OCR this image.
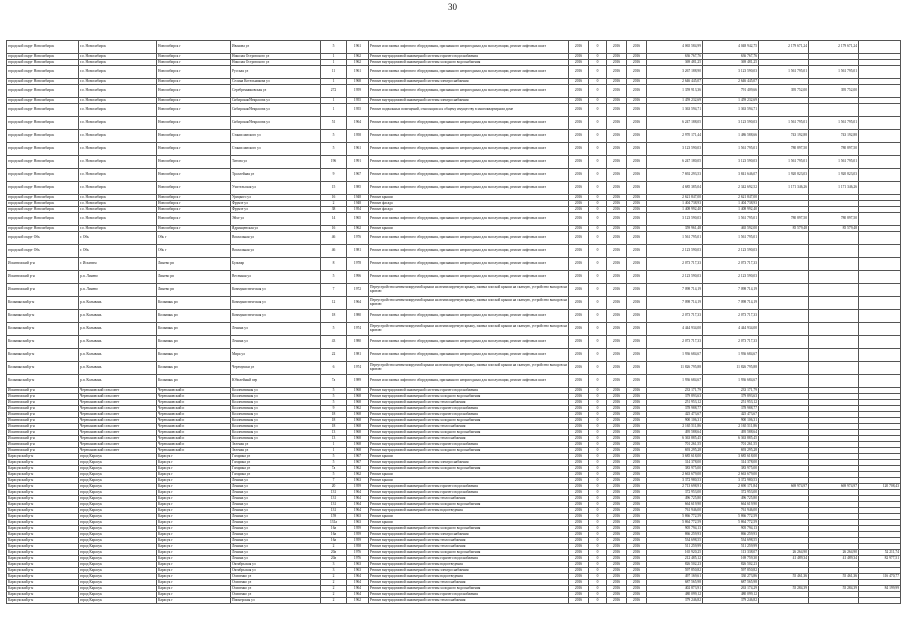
30
городской округ Новосибирск	г.о. Новосибирск	Новосибирск г	Иванова ул	5	1961	Ремонт или замена лифтового оборудования, признанного непригодным для эксплуатации, ремонт лифтовых шахт	2016	0	2016	2016	4 065 584,99	4 048 942,75	2 179 671,24	2 179 671,24	
городской округ Новосибирск	г.о. Новосибирск	Новосибирск г	Николая Островского ул	1	1962	Ремонт внутридомовой инженерной системы горячего водоснабжения	2016	0	2016	2016	636 767,76	636 767,76			
городской округ Новосибирск	г.о. Новосибирск	Новосибирск г	Николая Островского ул	1	1962	Ремонт внутридомовой инженерной системы холодного водоснабжения	2016	0	2016	2016	369 481,25	369 481,25			
городской округ Новосибирск	г.о. Новосибирск	Новосибирск г	Русская ул	11	1961	Ремонт или замена лифтового оборудования, признанного непригодным для эксплуатации, ремонт лифтовых шахт	2016	0	2016	2016	3 267 188,90	3 123 590,03	1 561 795,01	1 561 795,01	
городской округ Новосибирск	г.о. Новосибирск	Новосибирск г	Селина Котельникова ул	1	1968	Ремонт внутридомовой инженерной системы электроснабжения	2016	0	2016	2016	2 646 445,07	2 646 445,07			
городской округ Новосибирск	г.о. Новосибирск	Новосибирск г	Серебренниковская ул	272	1959	Ремонт или замена лифтового оборудования, признанного непригодным для эксплуатации, ремонт лифтовых шахт	2016	0	2016	2016	1 359 913,36	791 409,66	395 752,00	395 752,00	
городской округ Новосибирск	г.о. Новосибирск	Новосибирск г	Сибирская/Некрасова ул	1	1955	Ремонт внутридомовой инженерной системы электроснабжения	2016	0	2016	2016	1 459 232,69	1 459 232,69			
городской округ Новосибирск	г.о. Новосибирск	Новосибирск г	Сибирская/Некрасова ул	1	1955	Ремонт подвальных помещений, относящихся к общему имуществу в многоквартирном доме	2016	0	2016	2016	1 363 594,71	1 363 594,71			
городской округ Новосибирск	г.о. Новосибирск	Новосибирск г	Сибирская/Некрасова ул	51	1964	Ремонт или замена лифтового оборудования, признанного непригодным для эксплуатации, ремонт лифтовых шахт	2016	0	2016	2016	6 247 188,05	3 123 590,03	1 561 795,01	1 561 795,01	
городской округ Новосибирск	г.о. Новосибирск	Новосибирск г	Станиславского ул	5	1958	Ремонт или замена лифтового оборудования, признанного непригодным для эксплуатации, ремонт лифтовых шахт	2016	0	2016	2016	2 970 171,44	1 486 588,66	743 192,88	743 192,88	
городской округ Новосибирск	г.о. Новосибирск	Новосибирск г	Станиславского ул	5	1961	Ремонт или замена лифтового оборудования, признанного непригодным для эксплуатации, ремонт лифтовых шахт	2016	0	2016	2016	3 123 590,03	1 561 795,01	780 897,50	780 897,50	
городской округ Новосибирск	г.о. Новосибирск	Новосибирск г	Титова ул	196	1991	Ремонт или замена лифтового оборудования, признанного непригодным для эксплуатации, ремонт лифтовых шахт	2016	0	2016	2016	6 247 180,05	3 123 590,03	1 561 795,01	1 561 795,01	
городской округ Новосибирск	г.о. Новосибирск	Новосибирск г	Троллейная ул	9	1967	Ремонт или замена лифтового оборудования, признанного непригодным для эксплуатации, ремонт лифтовых шахт	2016	0	2016	2016	7 692 293,53	3 841 646,07	1 920 823,03	1 920 823,03	
городской округ Новосибирск	г.о. Новосибирск	Новосибирск г	Учительская ул	15	1985	Ремонт или замена лифтового оборудования, признанного непригодным для эксплуатации, ремонт лифтовых шахт	2016	0	2016	2016	4 685 385,04	2 342 692,52	1 171 346,26	1 171 346,26	
городской округ Новосибирск	г.о. Новосибирск	Новосибирск г	Урицкого ул	16	1948	Ремонт крыши	2016	0	2016	2016	2 621 847,00	2 621 847,00			
городской округ Новосибирск	г.о. Новосибирск	Новосибирск г	Фрунзе ул	2	1948	Ремонт фасада	2016	0	2016	2016	1 404 738,93	1 404 738,93			
городской округ Новосибирск	г.о. Новосибирск	Новосибирск г	Фрунзе ул	38	1954	Ремонт фасада	2016	0	2016	2016	1 408 992,40	1 408 992,40			
городской округ Новосибирск	г.о. Новосибирск	Новосибирск г	Эйхе ул	14	1965	Ремонт или замена лифтового оборудования, признанного непригодным для эксплуатации, ремонт лифтовых шахт	2016	0	2016	2016	3 123 590,03	1 561 795,01	780 897,50	780 897,50	
городской округ Новосибирск	г.о. Новосибирск	Новосибирск г	Ядринцевская ул	16	1962	Ремонт крыши	2016	0	2016	2016	359 961,48	465 592,00	85 579,48	85 579,48	
городской округ Обь	г. Обь	Обь г	Вокзальная ул	46	1976	Ремонт или замена лифтового оборудования, признанного непригодным для эксплуатации, ремонт лифтовых шахт	2016	0	2016	2016	1 561 795,01	1 561 795,01			
городской округ Обь	г. Обь	Обь г	Вокзальная ул	46	1981	Ремонт или замена лифтового оборудования, признанного непригодным для эксплуатации, ремонт лифтовых шахт	2016	0	2016	2016	2 123 590,03	2 123 590,03			
Искитимский р-н	г. Искитим	Линево рп	Бульвар	8	1978	Ремонт или замена лифтового оборудования, признанного непригодным для эксплуатации, ремонт лифтовых шахт	2016	0	2016	2016	2 073 717,33	2 073 717,33			
Искитимский р-н	р.п. Линево	Линево рп	Весенняя ул	5	1996	Ремонт или замена лифтового оборудования, признанного непригодным для эксплуатации, ремонт лифтовых шахт	2016	0	2016	2016	2 123 590,03	2 123 590,03			
Искитимский р-н	р.п. Линево	Линево рп	Коммунистическая ул	7	1972	Переустройство невентилируемой крыши на вентилируемую крышу, замена плоской крыши на скатную, устройство выходов на кровлю	2016	0	2016	2016	7 098 714,19	7 098 714,19			
Колыванский р-н	р.п. Колывань	Колывань рп	Коммунистическая ул	12	1964	Переустройство невентилируемой крыши на вентилируемую крышу, замена плоской крыши на скатную, устройство выходов на кровлю	2016	0	2016	2016	7 098 714,19	7 098 714,19			
Колыванский р-н	р.п. Колывань	Колывань рп	Коммунистическая ул	18	1980	Ремонт или замена лифтового оборудования, признанного непригодным для эксплуатации, ремонт лифтовых шахт	2016	0	2016	2016	2 073 717,33	2 073 717,33			
Колыванский р-н	р.п. Колывань	Колывань рп	Ленина ул	5	1974	Переустройство невентилируемой крыши на вентилируемую крышу, замена плоской крыши на скатную, устройство выходов на кровлю	2016	0	2016	2016	4 444 934,00	4 444 934,00			
Колыванский р-н	р.п. Колывань	Колывань рп	Ленина ул	43	1980	Ремонт или замена лифтового оборудования, признанного непригодным для эксплуатации, ремонт лифтовых шахт	2016	0	2016	2016	2 073 717,33	2 073 717,33			
Колыванский р-н	р.п. Колывань	Колывань рп	Мира ул	22	1981	Ремонт или замена лифтового оборудования, признанного непригодным для эксплуатации, ремонт лифтовых шахт	2016	0	2016	2016	1 936 684,67	1 936 684,67			
Колыванский р-н	р.п. Колывань	Колывань рп	Черемушки ул	6	1974	Переустройство невентилируемой крыши на вентилируемую крышу, замена плоской крыши на скатную, устройство выходов на кровлю	2016	0	2016	2016	11 826 795,88	11 826 795,88			
Колыванский р-н	р.п. Колывань	Колывань рп	Юбилейный пер	7а	1989	Ремонт или замена лифтового оборудования, признанного непригодным для эксплуатации, ремонт лифтовых шахт	2016	0	2016	2016	1 936 684,67	1 936 684,67			
Искитимский р-н	Черепановский сельсовет	Черепановский п	Коллективная ул	5	1968	Ремонт внутридомовой инженерной системы горячего водоснабжения	2016	0	2016	2016	233 171,79	233 171,79			
Искитимский р-н	Черепановский сельсовет	Черепановский п	Коллективная ул	5	1968	Ремонт внутридомовой инженерной системы холодного водоснабжения	2016	0	2016	2016	379 893,63	379 893,63			
Искитимский р-н	Черепановский сельсовет	Черепановский п	Коллективная ул	5	1968	Ремонт внутридомовой инженерной системы теплоснабжения	2016	0	2016	2016	251 953,12	251 953,12			
Искитимский р-н	Черепановский сельсовет	Черепановский п	Коллективная ул	9	1962	Ремонт внутридомовой инженерной системы горячего водоснабжения	2016	0	2016	2016	378 988,77	378 988,77			
Искитимский р-н	Черепановский сельсовет	Черепановский п	Коллективная ул	18	1968	Ремонт внутридомовой инженерной системы горячего водоснабжения	2016	0	2016	2016	425 473,67	425 473,67			
Искитимский р-н	Черепановский сельсовет	Черепановский п	Коллективная ул	18	1968	Ремонт внутридомовой инженерной системы холодного водоснабжения	2016	0	2016	2016	900 106,31	900 106,31			
Искитимский р-н	Черепановский сельсовет	Черепановский п	Коллективная ул	18	1968	Ремонт внутридомовой инженерной системы теплоснабжения	2016	0	2016	2016	2 165 511,86	2 165 511,86			
Искитимский р-н	Черепановский сельсовет	Черепановский п	Коллективная ул	13	1968	Ремонт внутридомовой инженерной системы холодного водоснабжения	2016	0	2016	2016	495 588,64	495 588,64			
Искитимский р-н	Черепановский сельсовет	Черепановский п	Коллективная ул	13	1968	Ремонт внутридомовой инженерной системы теплоснабжения	2016	0	2016	2016	6 363 885,45	6 363 885,45			
Искитимский р-н	Черепановский сельсовет	Черепановский п	Зеленая ул	1	1968	Ремонт внутридомовой инженерной системы горячего водоснабжения	2016	0	2016	2016	701 261,55	701 261,55			
Искитимский р-н	Черепановский сельсовет	Черепановский п	Зеленая ул	1	1968	Ремонт внутридомовой инженерной системы холодного водоснабжения	2016	0	2016	2016	693 295,28	693 295,28			
Карасукский р-н	город Карасук	Карасук г	Гагарина ул	5	1967	Ремонт крыши	2016	0	2016	2016	3 685 618,00	3 685 618,00			
Карасукский р-н	город Карасук	Карасук г	Гагарина ул	5	1967	Ремонт внутридомовой инженерной системы электроснабжения	2016	0	2016	2016	314 378,00	314 378,00			
Карасукский р-н	город Карасук	Карасук г	Гагарина ул	7а	1962	Ремонт внутридомовой инженерной системы холодного водоснабжения	2016	0	2016	2016	383 975,00	383 975,00			
Карасукский р-н	город Карасук	Карасук г	Гагарина ул	5	1962	Ремонт крыши	2016	0	2016	2016	2 663 679,00	2 663 679,00			
Карасукский р-н	город Карасук	Карасук г	Ленина ул	7	1963	Ремонт крыши	2016	0	2016	2016	3 372 980,53	3 372 980,53			
Карасукский р-н	город Карасук	Карасук г	Ленина ул	20	1959	Ремонт внутридомовой инженерной системы горячего водоснабжения	2016	0	2016	2016	2 713 698,91	2 690 171,84	669 974,97	669 974,97	120 708,43
Карасукский р-н	город Карасук	Карасук г	Ленина ул	131	1964	Ремонт внутридомовой инженерной системы горячего водоснабжения	2016	0	2016	2016	372 953,00	372 953,00			
Карасукский р-н	город Карасук	Карасук г	Ленина ул	131	1964	Ремонт внутридомовой инженерной системы теплоснабжения	2016	0	2016	2016	496 725,80	496 725,80			
Карасукский р-н	город Карасук	Карасук г	Ленина ул	131	1964	Ремонт внутридомовой инженерной системы холодного водоснабжения	2016	0	2016	2016	664 619,90	664 619,90			
Карасукский р-н	город Карасук	Карасук г	Ленина ул	131	1964	Ремонт внутридомовой инженерной системы водоотведения	2016	0	2016	2016	761 946,00	761 946,00			
Карасукский р-н	город Карасук	Карасук г	Ленина ул	159	1963	Ремонт крыши	2016	0	2016	2016	5 866 772,59	5 866 772,59			
Карасукский р-н	город Карасук	Карасук г	Ленина ул	131а	1963	Ремонт крыши	2016	0	2016	2016	5 864 772,59	5 864 772,59			
Карасукский р-н	город Карасук	Карасук г	Ленина ул	16а	1959	Ремонт внутридомовой инженерной системы холодного водоснабжения	2016	0	2016	2016	905 794,13	905 794,13			
Карасукский р-н	город Карасук	Карасук г	Ленина ул	16а	1959	Ремонт внутридомовой инженерной системы электроснабжения	2016	0	2016	2016	866 259,93	866 259,93			
Карасукский р-н	город Карасук	Карасук г	Ленина ул	16а	1959	Ремонт внутридомовой инженерной системы теплоснабжения	2016	0	2016	2016	534 698,55	534 698,55			
Карасукский р-н	город Карасук	Карасук г	Ленина ул	2	1958	Ремонт внутридомовой инженерной системы теплоснабжения	2016	0	2016	2016	511 259,99	511 259,99			
Карасукский р-н	город Карасук	Карасук г	Ленина ул	20а	1976	Ремонт внутридомовой инженерной системы холодного водоснабжения	2016	0	2016	2016	165 920,25	113 338,07	26 264,90	26 264,90	52 211,74
Карасукский р-н	город Карасук	Карасук г	Ленина ул	20а	1976	Ремонт внутридомовой инженерной системы горячего водоснабжения	2016	0	2016	2016	212 485,12	169 759,30	41 489,34	41 489,34	82 977,51
Карасукский р-н	город Карасук	Карасук г	Октябрьская ул	3	1963	Ремонт внутридомовой инженерной системы водоотведения	2016	0	2016	2016	826 502,23	826 502,23			
Карасукский р-н	город Карасук	Карасук г	Октябрьская ул	3	1963	Ремонт внутридомовой инженерной системы электроснабжения	2016	0	2016	2016	597 850,82	597 850,82			
Карасукский р-н	город Карасук	Карасук г	Осипенко ул	2	1964	Ремонт внутридомовой инженерной системы водоотведения	2016	0	2016	2016	497 169,61	330 273,86	55 461,36	55 461,36	116 470,77
Карасукский р-н	город Карасук	Карасук г	Осипенко ул	2	1964	Ремонт внутридомовой инженерной системы теплоснабжения	2016	0	2016	2016	687 565,98	687 565,98			
Карасукский р-н	город Карасук	Карасук г	Осипенко ул	2	1964	Ремонт внутридомовой инженерной системы холодного водоснабжения	2016	0	2016	2016	402 873,91	263 174,29	55 284,39	55 284,39	84 199,99
Карасукский р-н	город Карасук	Карасук г	Осипенко ул	2	1964	Ремонт внутридомовой инженерной системы горячего водоснабжения	2016	0	2016	2016	480 099,12	480 099,12			
Карасукский р-н	город Карасук	Карасук г	Пионерская ул	2	1962	Ремонт внутридомовой инженерной системы теплоснабжения	2016	0	2016	2016	379 246,82	379 246,82			
